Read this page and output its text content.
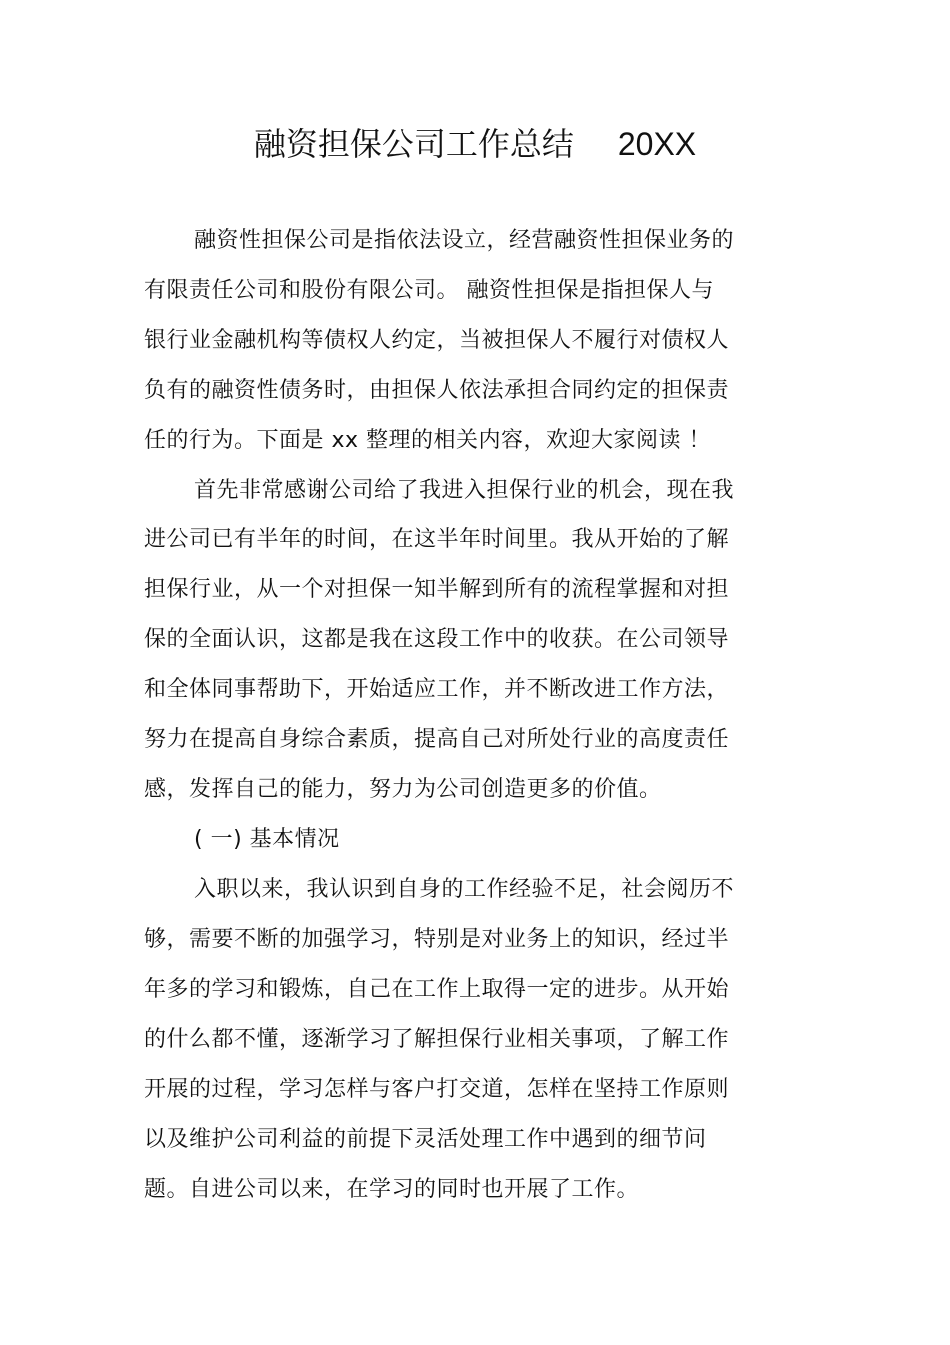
融资担保公司工作总结 20XX
融资性担保公司是指依法设立，经营融资性担保业务的
有限责任公司和股份有限公司。 融资性担保是指担保人与
银行业金融机构等债权人约定，当被担保人不履行对债权人
负有的融资性债务时，由担保人依法承担合同约定的担保责
任的行为。下面是 xx 整理的相关内容，欢迎大家阅读 ！
首先非常感谢公司给了我进入担保行业的机会，现在我
进公司已有半年的时间，在这半年时间里。我从开始的了解
担保行业，从一个对担保一知半解到所有的流程掌握和对担
保的全面认识，这都是我在这段工作中的收获。在公司领导
和全体同事帮助下，开始适应工作，并不断改进工作方法，
努力在提高自身综合素质，提高自己对所处行业的高度责任
感，发挥自己的能力，努力为公司创造更多的价值。
( 一) 基本情况
入职以来，我认识到自身的工作经验不足，社会阅历不
够，需要不断的加强学习，特别是对业务上的知识，经过半
年多的学习和锻炼，自己在工作上取得一定的进步。从开始
的什么都不懂，逐渐学习了解担保行业相关事项，了解工作
开展的过程，学习怎样与客户打交道，怎样在坚持工作原则
以及维护公司利益的前提下灵活处理工作中遇到的细节问
题。自进公司以来，在学习的同时也开展了工作。
